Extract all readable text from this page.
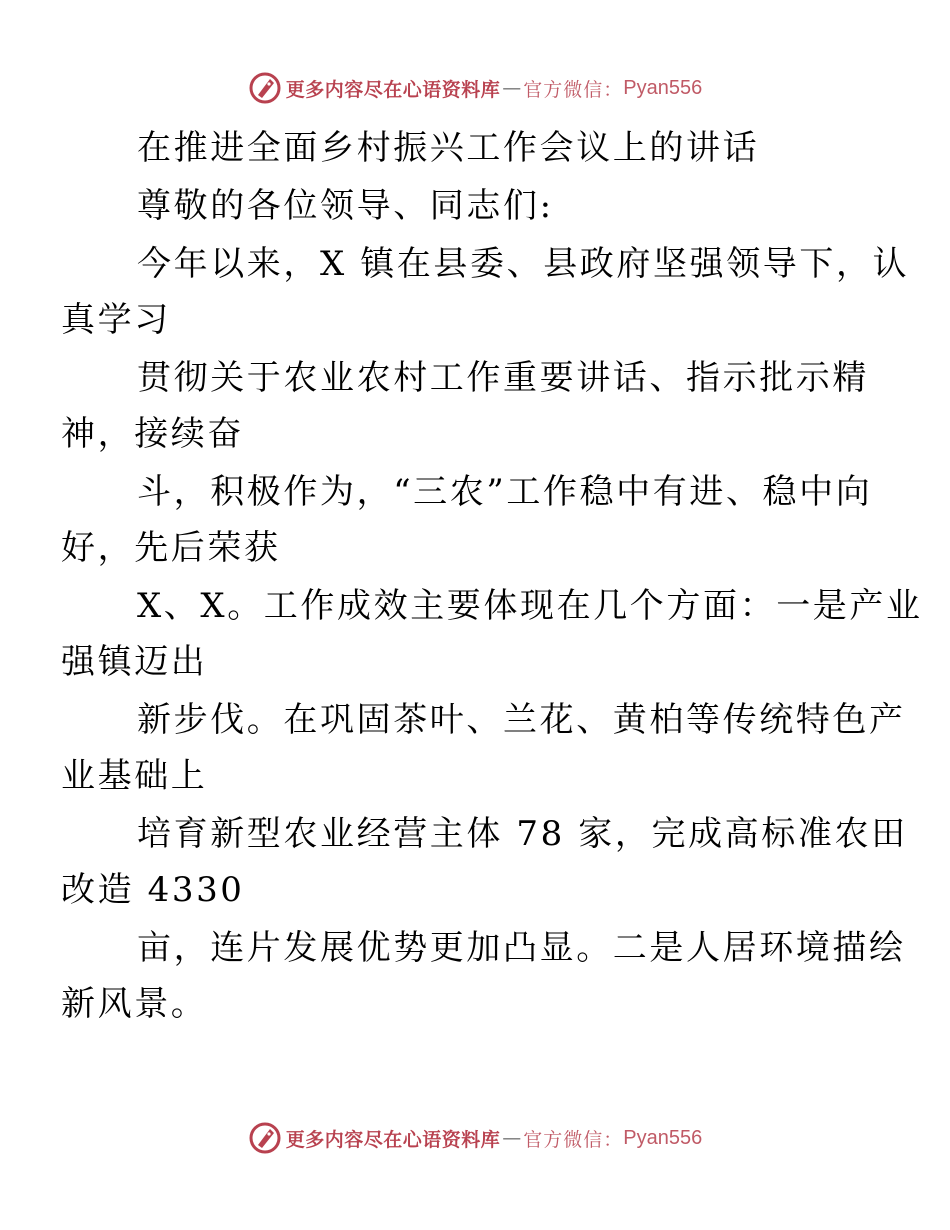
更多内容尽在心语资料库 — 官方微信： Pyan556

在推进全面乡村振兴工作会议上的讲话

尊敬的各位领导、同志们:

今年以来，X 镇在县委、县政府坚强领导下，认
真学习

贯彻关于农业农村工作重要讲话、指示批示精
神，接续奋

斗，积极作为，“三农”工作稳中有进、稳中向
好，先后荣获

X、X。工作成效主要体现在几个方面：一是产业
强镇迈出

新步伐。在巩固茶叶、兰花、黄柏等传统特色产
业基础上

培育新型农业经营主体 78 家，完成高标准农田
改造 4330

亩，连片发展优势更加凸显。二是人居环境描绘
新风景。

更多内容尽在心语资料库 — 官方微信： Pyan556
